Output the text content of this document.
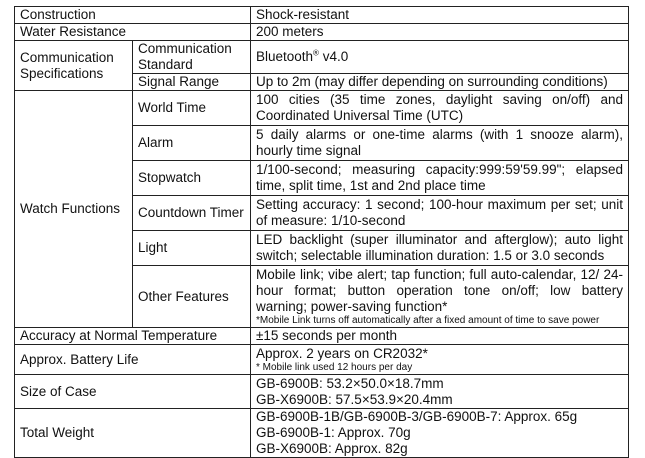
Construction		Shock-resistant
Water Resistance		200 meters
Communication Specifications	Communication Standard	Bluetooth® v4.0
	Signal Range	Up to 2m (may differ depending on surrounding conditions)
Watch Functions	World Time	100 cities (35 time zones, daylight saving on/off) and Coordinated Universal Time (UTC)
	Alarm	5 daily alarms or one-time alarms (with 1 snooze alarm), hourly time signal
	Stopwatch	1/100-second; measuring capacity:999:59'59.99"; elapsed time, split time, 1st and 2nd place time
	Countdown Timer	Setting accuracy: 1 second; 100-hour maximum per set; unit of measure: 1/10-second
	Light	LED backlight (super illuminator and afterglow); auto light switch; selectable illumination duration: 1.5 or 3.0 seconds
	Other Features	Mobile link; vibe alert; tap function; full auto-calendar, 12/ 24-hour format; button operation tone on/off; low battery warning; power-saving function*
*Mobile Link turns off automatically after a fixed amount of time to save power

Accuracy at Normal Temperature		±15 seconds per month
Approx. Battery Life		Approx. 2 years on CR2032*
* Mobile link used 12 hours per day

Size of Case		GB-6900B: 53.2×50.0×18.7mm
GB-X6900B: 57.5×53.9×20.4mm

Total Weight		GB-6900B-1B/GB-6900B-3/GB-6900B-7: Approx. 65g
GB-6900B-1: Approx. 70g
GB-X6900B: Approx. 82g
